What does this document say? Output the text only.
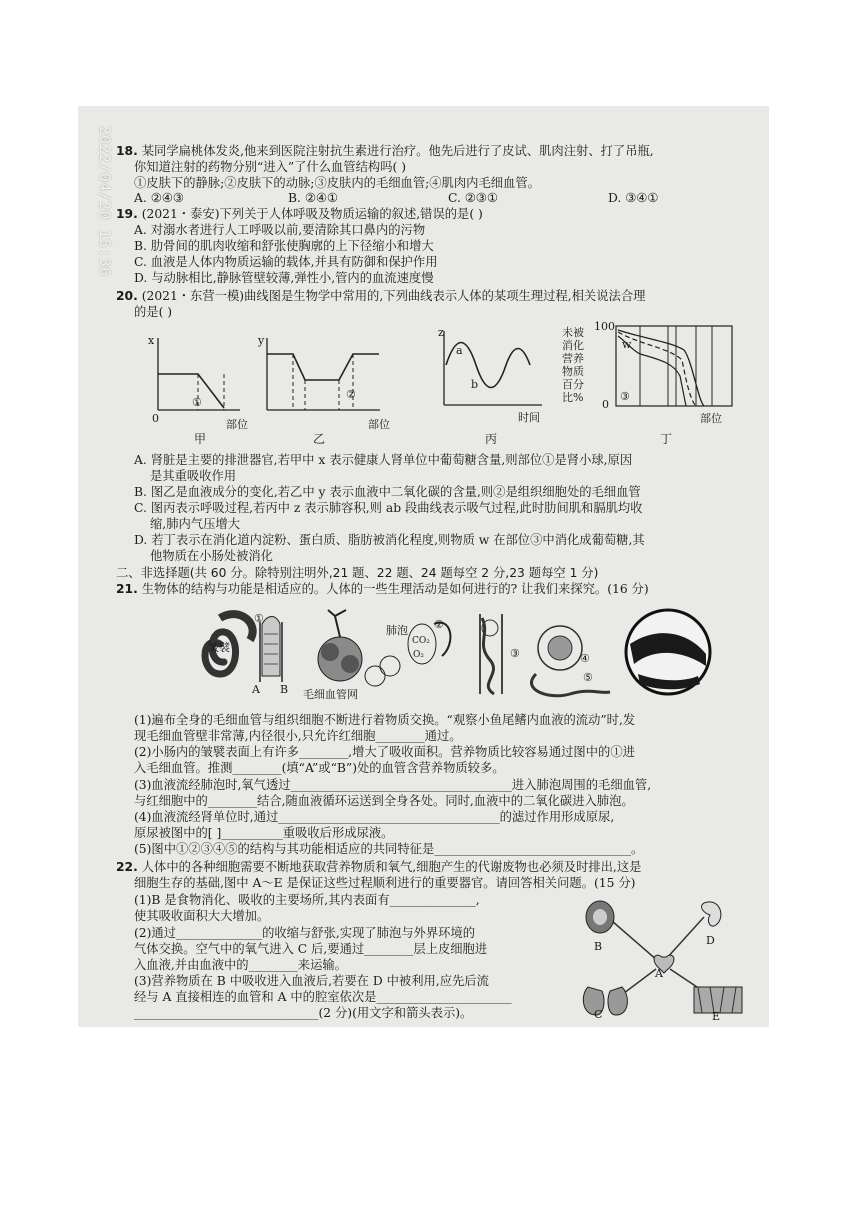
2022/04/20 15:36 18. 某同学扁桃体发炎,他来到医院注射抗生素进行治疗。他先后进行了皮试、肌肉注射、打了吊瓶,
你知道注射的药物分别“进入”了什么血管结构吗( )
①皮肤下的静脉;②皮肤下的动脉;③皮肤内的毛细血管;④肌肉内毛细血管。
A. ②④③	B. ②④①	C. ②③①	D. ③④①
19. (2021・泰安)下列关于人体呼吸及物质运输的叙述,错误的是( )
A. 对溺水者进行人工呼吸以前,要清除其口鼻内的污物
B. 肋骨间的肌肉收缩和舒张使胸廓的上下径缩小和增大
C. 血液是人体内物质运输的载体,并具有防御和保护作用
D. 与动脉相比,静脉管壁较薄,弹性小,管内的血流速度慢
20. (2021・东营一模)曲线图是生物学中常用的,下列曲线表示人体的某项生理过程,相关说法合理
的是( )
x
0
①
部位
甲
y
②
部位
乙
z
a
b
时间
丙
未被消化营养物质百分比%
100
0
w
③
部位
丁
A. 肾脏是主要的排泄器官,若甲中 x 表示健康人肾单位中葡萄糖含量,则部位①是肾小球,原因
是其重吸收作用
B. 图乙是血液成分的变化,若乙中 y 表示血液中二氧化碳的含量,则②是组织细胞处的毛细血管
C. 图丙表示呼吸过程,若丙中 z 表示肺容积,则 ab 段曲线表示吸气过程,此时肋间肌和膈肌均收
缩,肺内气压增大
D. 若丁表示在消化道内淀粉、蛋白质、脂肪被消化程度,则物质 w 在部位③中消化成葡萄糖,其
他物质在小肠处被消化
二、非选择题(共 60 分。除特别注明外,21 题、22 题、24 题每空 2 分,23 题每空 1 分)
21. 生物体的结构与功能是相适应的。人体的一些生理活动是如何进行的? 让我们来探究。(16 分)
皱襞
①
A B 毛细血管网
肺泡 ②
CO₂
O₂	③	④
⑤
(1)遍布全身的毛细血管与组织细胞不断进行着物质交换。“观察小鱼尾鳍内血液的流动”时,发
现毛细血管壁非常薄,内径很小,只允许红细胞________通过。
(2)小肠内的皱襞表面上有许多________,增大了吸收面积。营养物质比较容易通过图中的①进
入毛细血管。推测________(填“A”或“B”)处的血管含营养物质较多。
(3)血液流经肺泡时,氧气透过____________________________________进入肺泡周围的毛细血管,
与红细胞中的________结合,随血液循环运送到全身各处。同时,血液中的二氧化碳进入肺泡。
(4)血液流经肾单位时,通过____________________________________的滤过作用形成原尿,
原尿被图中的[ ]__________重吸收后形成尿液。
(5)图中①②③④⑤的结构与其功能相适应的共同特征是________________________________。
22. 人体中的各种细胞需要不断地获取营养物质和氧气,细胞产生的代谢废物也必须及时排出,这是
细胞生存的基础,图中 A～E 是保证这些过程顺利进行的重要器官。请回答相关问题。(15 分)
(1)B 是食物消化、吸收的主要场所,其内表面有______________,
使其吸收面积大大增加。
(2)通过______________的收缩与舒张,实现了肺泡与外界环境的
气体交换。空气中的氧气进入 C 后,要通过________层上皮细胞进
入血液,并由血液中的________来运输。
(3)营养物质在 B 中吸收进入血液后,若要在 D 中被利用,应先后流
经与 A 直接相连的血管和 A 中的腔室依次是______________________
______________________________(2 分)(用文字和箭头表示)。
B	D
A
C	E
